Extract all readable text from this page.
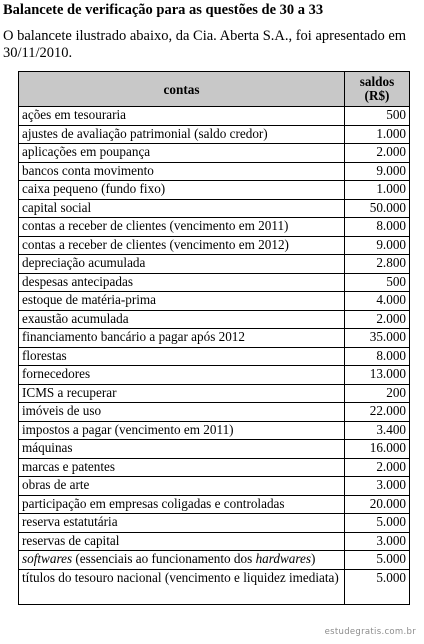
Balancete de verificação para as questões de 30 a 33
O balancete ilustrado abaixo, da Cia. Aberta S.A., foi apresentado em 30/11/2010.
contas	saldos
(R$)
ações em tesouraria	500
ajustes de avaliação patrimonial (saldo credor)	1.000
aplicações em poupança	2.000
bancos conta movimento	9.000
caixa pequeno (fundo fixo)	1.000
capital social	50.000
contas a receber de clientes (vencimento em 2011)	8.000
contas a receber de clientes (vencimento em 2012)	9.000
depreciação acumulada	2.800
despesas antecipadas	500
estoque de matéria-prima	4.000
exaustão acumulada	2.000
financiamento bancário a pagar após 2012	35.000
florestas	8.000
fornecedores	13.000
ICMS a recuperar	200
imóveis de uso	22.000
impostos a pagar (vencimento em 2011)	3.400
máquinas	16.000
marcas e patentes	2.000
obras de arte	3.000
participação em empresas coligadas e controladas	20.000
reserva estatutária	5.000
reservas de capital	3.000
softwares (essenciais ao funcionamento dos hardwares)	5.000
títulos do tesouro nacional (vencimento e liquidez imediata)	5.000
estudegratis.com.br
